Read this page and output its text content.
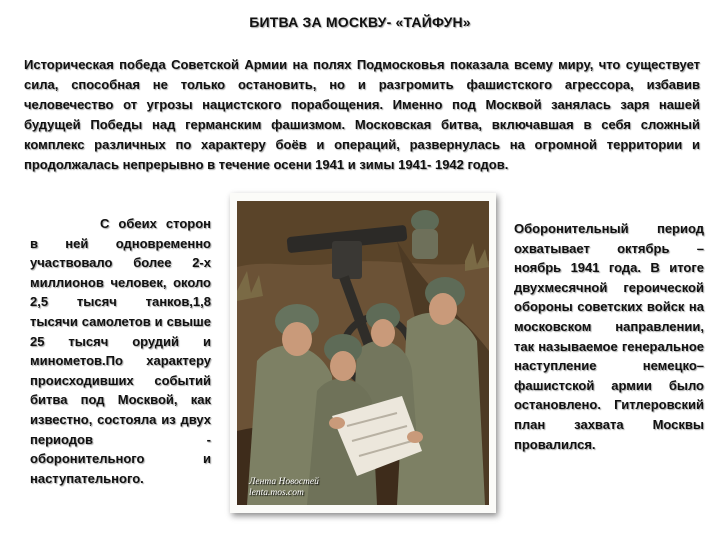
БИТВА ЗА МОСКВУ- «ТАЙФУН»
Историческая победа Советской Армии на полях Подмосковья показала всему миру, что существует сила, способная не только остановить, но и разгромить фашистского агрессора, избавив человечество от угрозы нацистского порабощения. Именно под Москвой занялась заря нашей будущей Победы над германским фашизмом. Московская битва, включавшая в себя сложный комплекс различных по характеру боёв и операций, развернулась на огромной территории и продолжалась непрерывно в течение осени 1941 и зимы 1941- 1942 годов.
С обеих сторон в ней одновременно участвовало более 2-х миллионов человек, около 2,5 тысяч танков,1,8 тысячи самолетов и свыше 25 тысяч орудий и минометов.По характеру происходивших событий битва под Москвой, как известно, состояла из двух периодов - оборонительного и наступательного.	Лента Новостей
lenta.mos.com
Оборонительный период охватывает октябрь – ноябрь 1941 года. В итоге двухмесячной героической обороны советских войск на московском направлении, так называемое генеральное наступление немецко–фашистской армии было остановлено. Гитлеровский план захвата Москвы провалился.
